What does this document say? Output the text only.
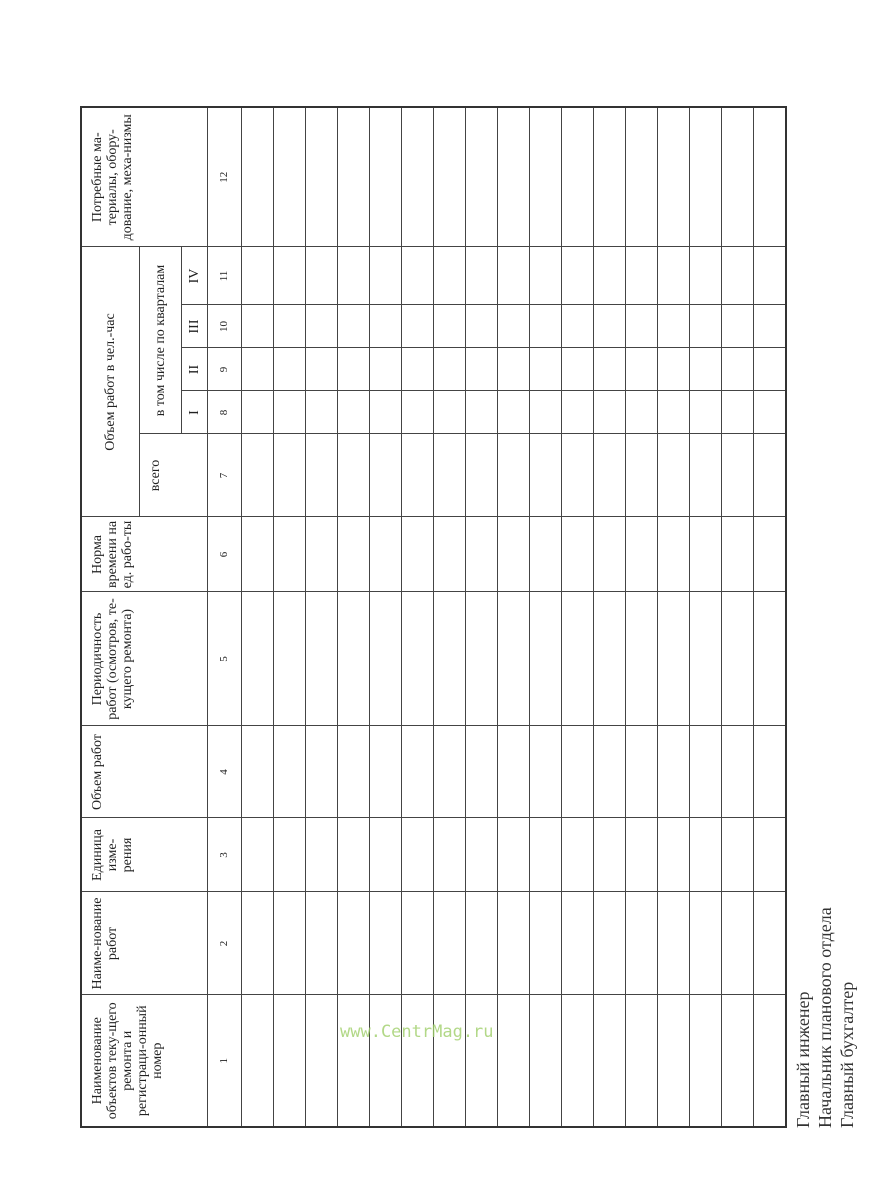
Наименование объектов теку-щего ремонта и регистраци-онный номер	Наиме-нование работ	Единица изме-рения	Объем работ	Периодичность работ (осмотров, те-кущего ремонта)	Норма времени на ед. рабо-ты	Объем работ в чел.-час					Потребные ма-териалы, обору-дование, меха-низмы
						всего	в том числе по кварталам				
							I	II	III	IV	
1	2	3	4	5	6	7	8	9	10	11	12

Главный инженер Начальник планового отдела Главный бухгалтер
www.CentrMag.ru
